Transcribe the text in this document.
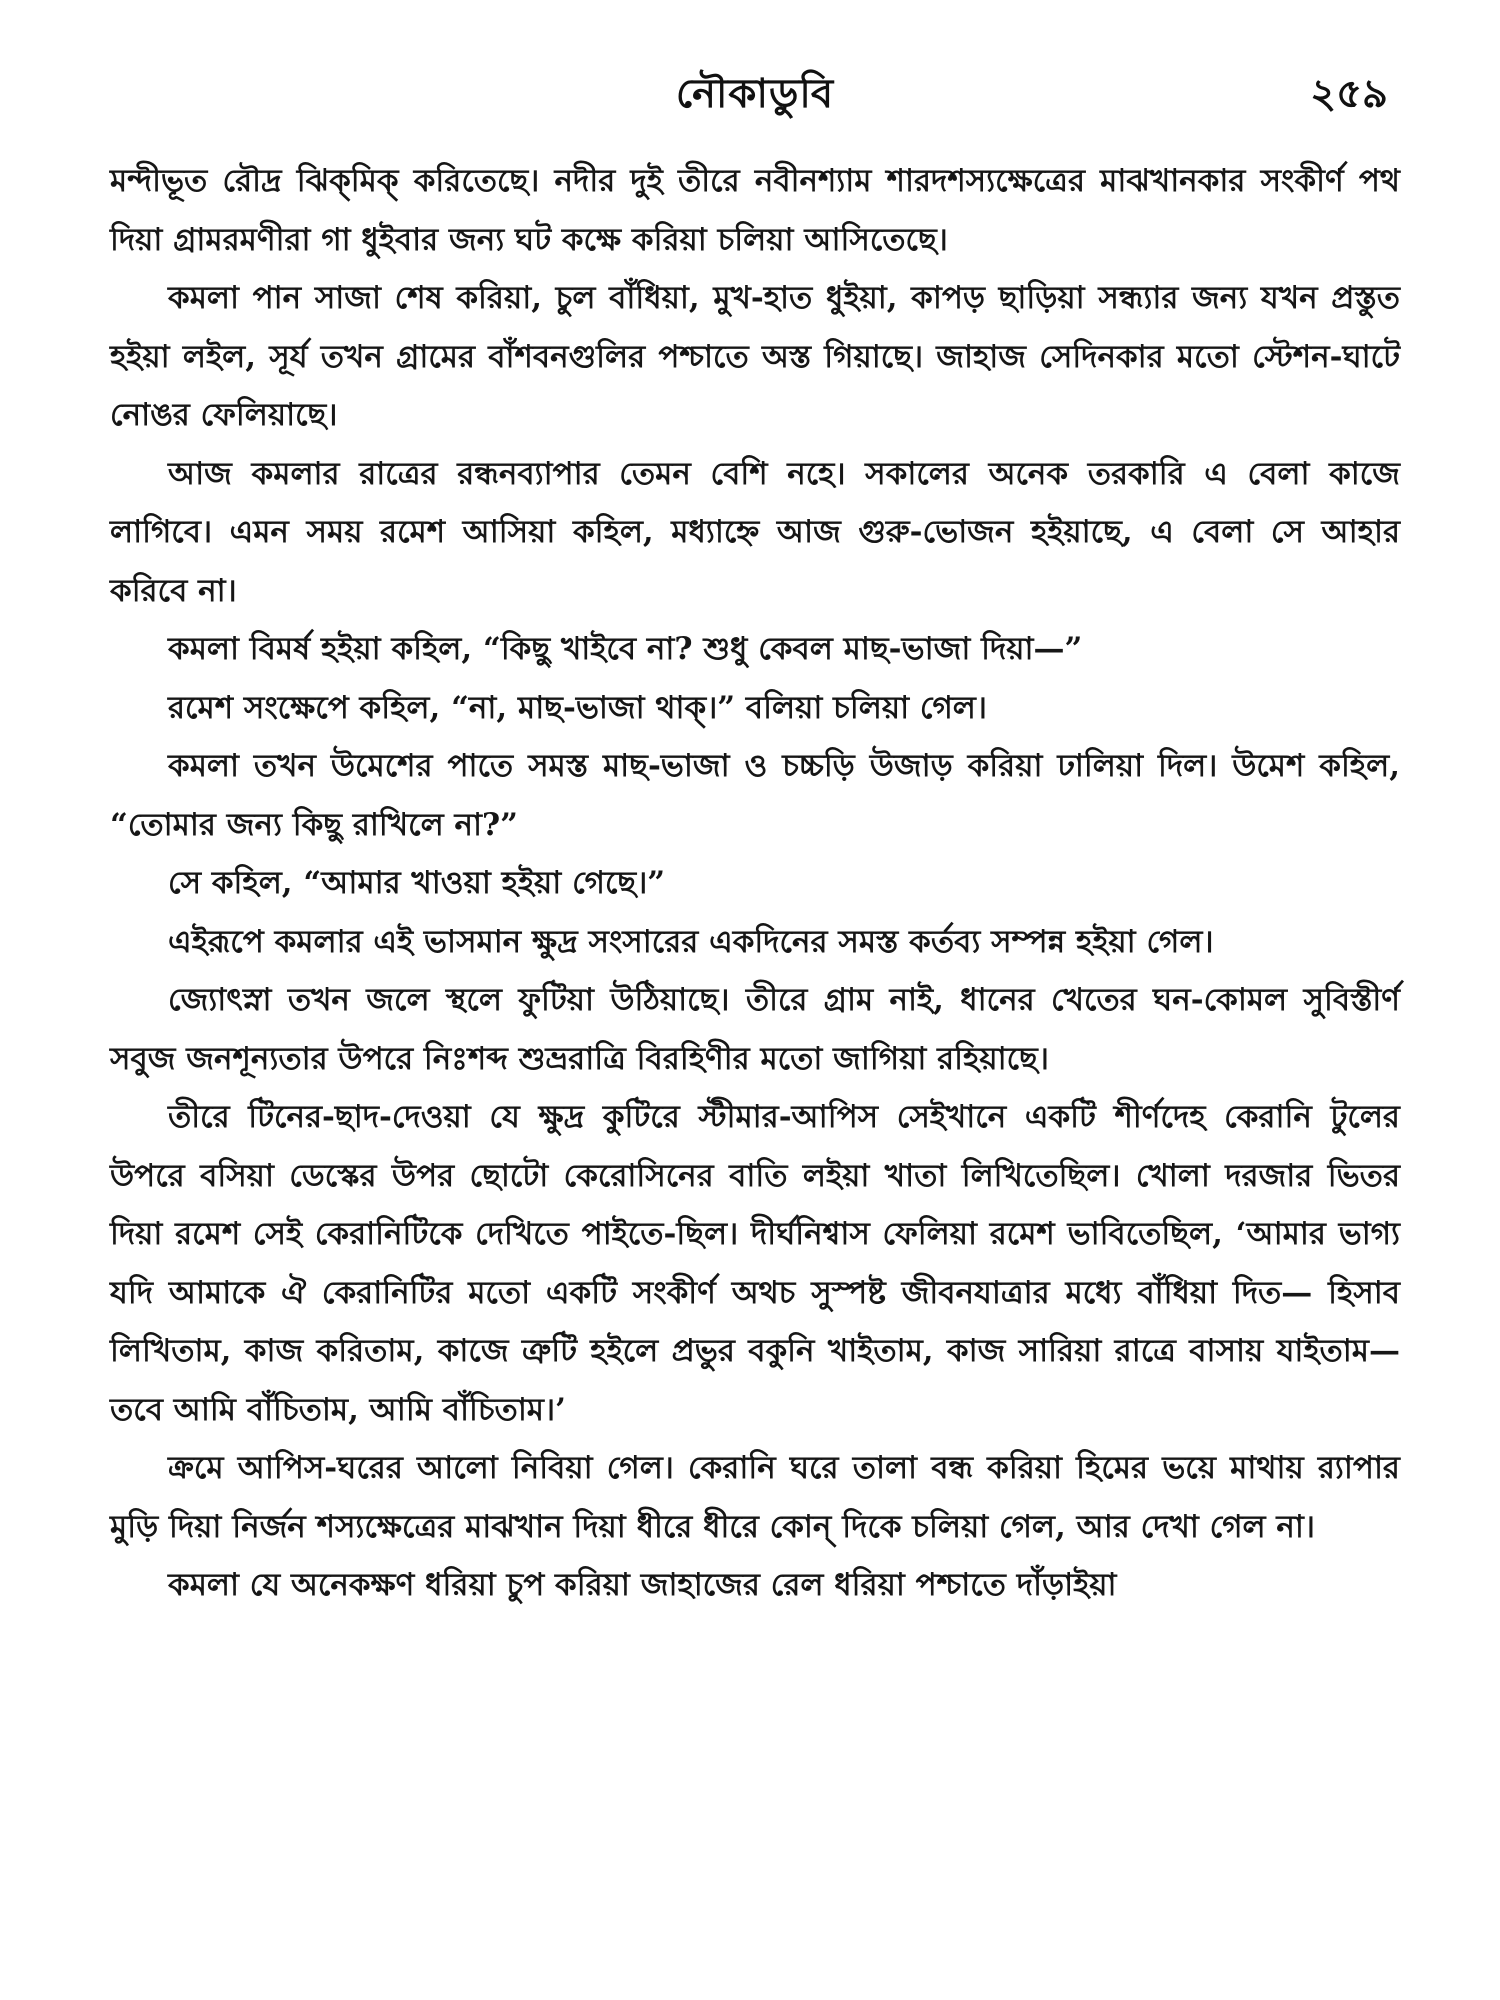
নৌকাডুবি	২৫৯

মন্দীভূত রৌদ্র ঝিক্‌মিক্‌ করিতেছে। নদীর দুই তীরে নবীনশ্যাম শারদশস্যক্ষেত্রের মাঝখানকার সংকীর্ণ পথ দিয়া গ্রামরমণীরা গা ধুইবার জন্য ঘট কক্ষে করিয়া চলিয়া আসিতেছে।

কমলা পান সাজা শেষ করিয়া, চুল বাঁধিয়া, মুখ-হাত ধুইয়া, কাপড় ছাড়িয়া সন্ধ্যার জন্য যখন প্রস্তুত হইয়া লইল, সূর্য তখন গ্রামের বাঁশবনগুলির পশ্চাতে অস্ত গিয়াছে। জাহাজ সেদিনকার মতো স্টেশন-ঘাটে নোঙর ফেলিয়াছে।

আজ কমলার রাত্রের রন্ধনব্যাপার তেমন বেশি নহে। সকালের অনেক তরকারি এ বেলা কাজে লাগিবে। এমন সময় রমেশ আসিয়া কহিল, মধ্যাহ্নে আজ গুরু-ভোজন হইয়াছে, এ বেলা সে আহার করিবে না।

কমলা বিমর্ষ হইয়া কহিল, “কিছু খাইবে না? শুধু কেবল মাছ-ভাজা দিয়া—”

রমেশ সংক্ষেপে কহিল, “না, মাছ-ভাজা থাক্‌।” বলিয়া চলিয়া গেল।

কমলা তখন উমেশের পাতে সমস্ত মাছ-ভাজা ও চচ্চড়ি উজাড় করিয়া ঢালিয়া দিল। উমেশ কহিল, “তোমার জন্য কিছু রাখিলে না?”

সে কহিল, “আমার খাওয়া হইয়া গেছে।”

এইরূপে কমলার এই ভাসমান ক্ষুদ্র সংসারের একদিনের সমস্ত কর্তব্য সম্পন্ন হইয়া গেল।

জ্যোৎস্না তখন জলে স্থলে ফুটিয়া উঠিয়াছে। তীরে গ্রাম নাই, ধানের খেতের ঘন-কোমল সুবিস্তীর্ণ সবুজ জনশূন্যতার উপরে নিঃশব্দ শুভ্ররাত্রি বিরহিণীর মতো জাগিয়া রহিয়াছে।

তীরে টিনের-ছাদ-দেওয়া যে ক্ষুদ্র কুটিরে স্টীমার-আপিস সেইখানে একটি শীর্ণদেহ কেরানি টুলের উপরে বসিয়া ডেস্কের উপর ছোটো কেরোসিনের বাতি লইয়া খাতা লিখিতেছিল। খোলা দরজার ভিতর দিয়া রমেশ সেই কেরানিটিকে দেখিতে পাইতে-ছিল। দীর্ঘনিশ্বাস ফেলিয়া রমেশ ভাবিতেছিল, ‘আমার ভাগ্য যদি আমাকে ঐ কেরানিটির মতো একটি সংকীর্ণ অথচ সুস্পষ্ট জীবনযাত্রার মধ্যে বাঁধিয়া দিত— হিসাব লিখিতাম, কাজ করিতাম, কাজে ত্রুটি হইলে প্রভুর বকুনি খাইতাম, কাজ সারিয়া রাত্রে বাসায় যাইতাম— তবে আমি বাঁচিতাম, আমি বাঁচিতাম।’

ক্রমে আপিস-ঘরের আলো নিবিয়া গেল। কেরানি ঘরে তালা বন্ধ করিয়া হিমের ভয়ে মাথায় র‍্যাপার মুড়ি দিয়া নির্জন শস্যক্ষেত্রের মাঝখান দিয়া ধীরে ধীরে কোন্‌ দিকে চলিয়া গেল, আর দেখা গেল না।

কমলা যে অনেকক্ষণ ধরিয়া চুপ করিয়া জাহাজের রেল ধরিয়া পশ্চাতে দাঁড়াইয়া
